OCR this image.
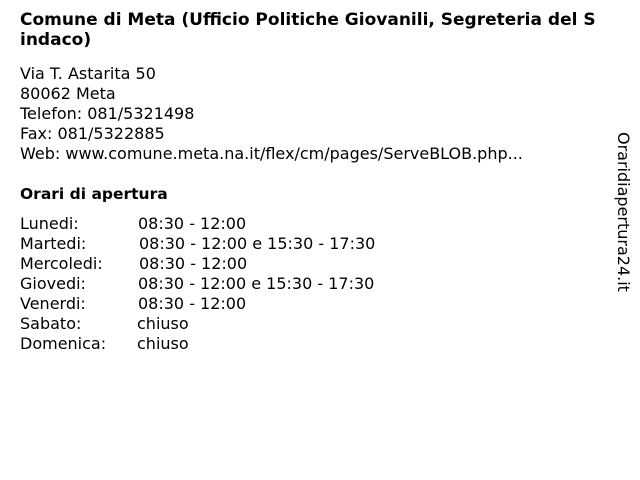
Comune di Meta (Ufficio Politiche Giovanili, Segreteria del Sindaco)
Via T. Astarita 50
80062 Meta
Telefon: 081/5321498
Fax: 081/5322885
Web: www.comune.meta.na.it/flex/cm/pages/ServeBLOB.php...
Orari di apertura
Lunedi:	08:30 - 12:00
Martedi:	08:30 - 12:00 e 15:30 - 17:30
Mercoledi: 08:30 - 12:00
Giovedi:	08:30 - 12:00 e 15:30 - 17:30
Venerdi:	08:30 - 12:00
Sabato:	chiuso
Domenica: chiuso
Oraridiapertura24.it
